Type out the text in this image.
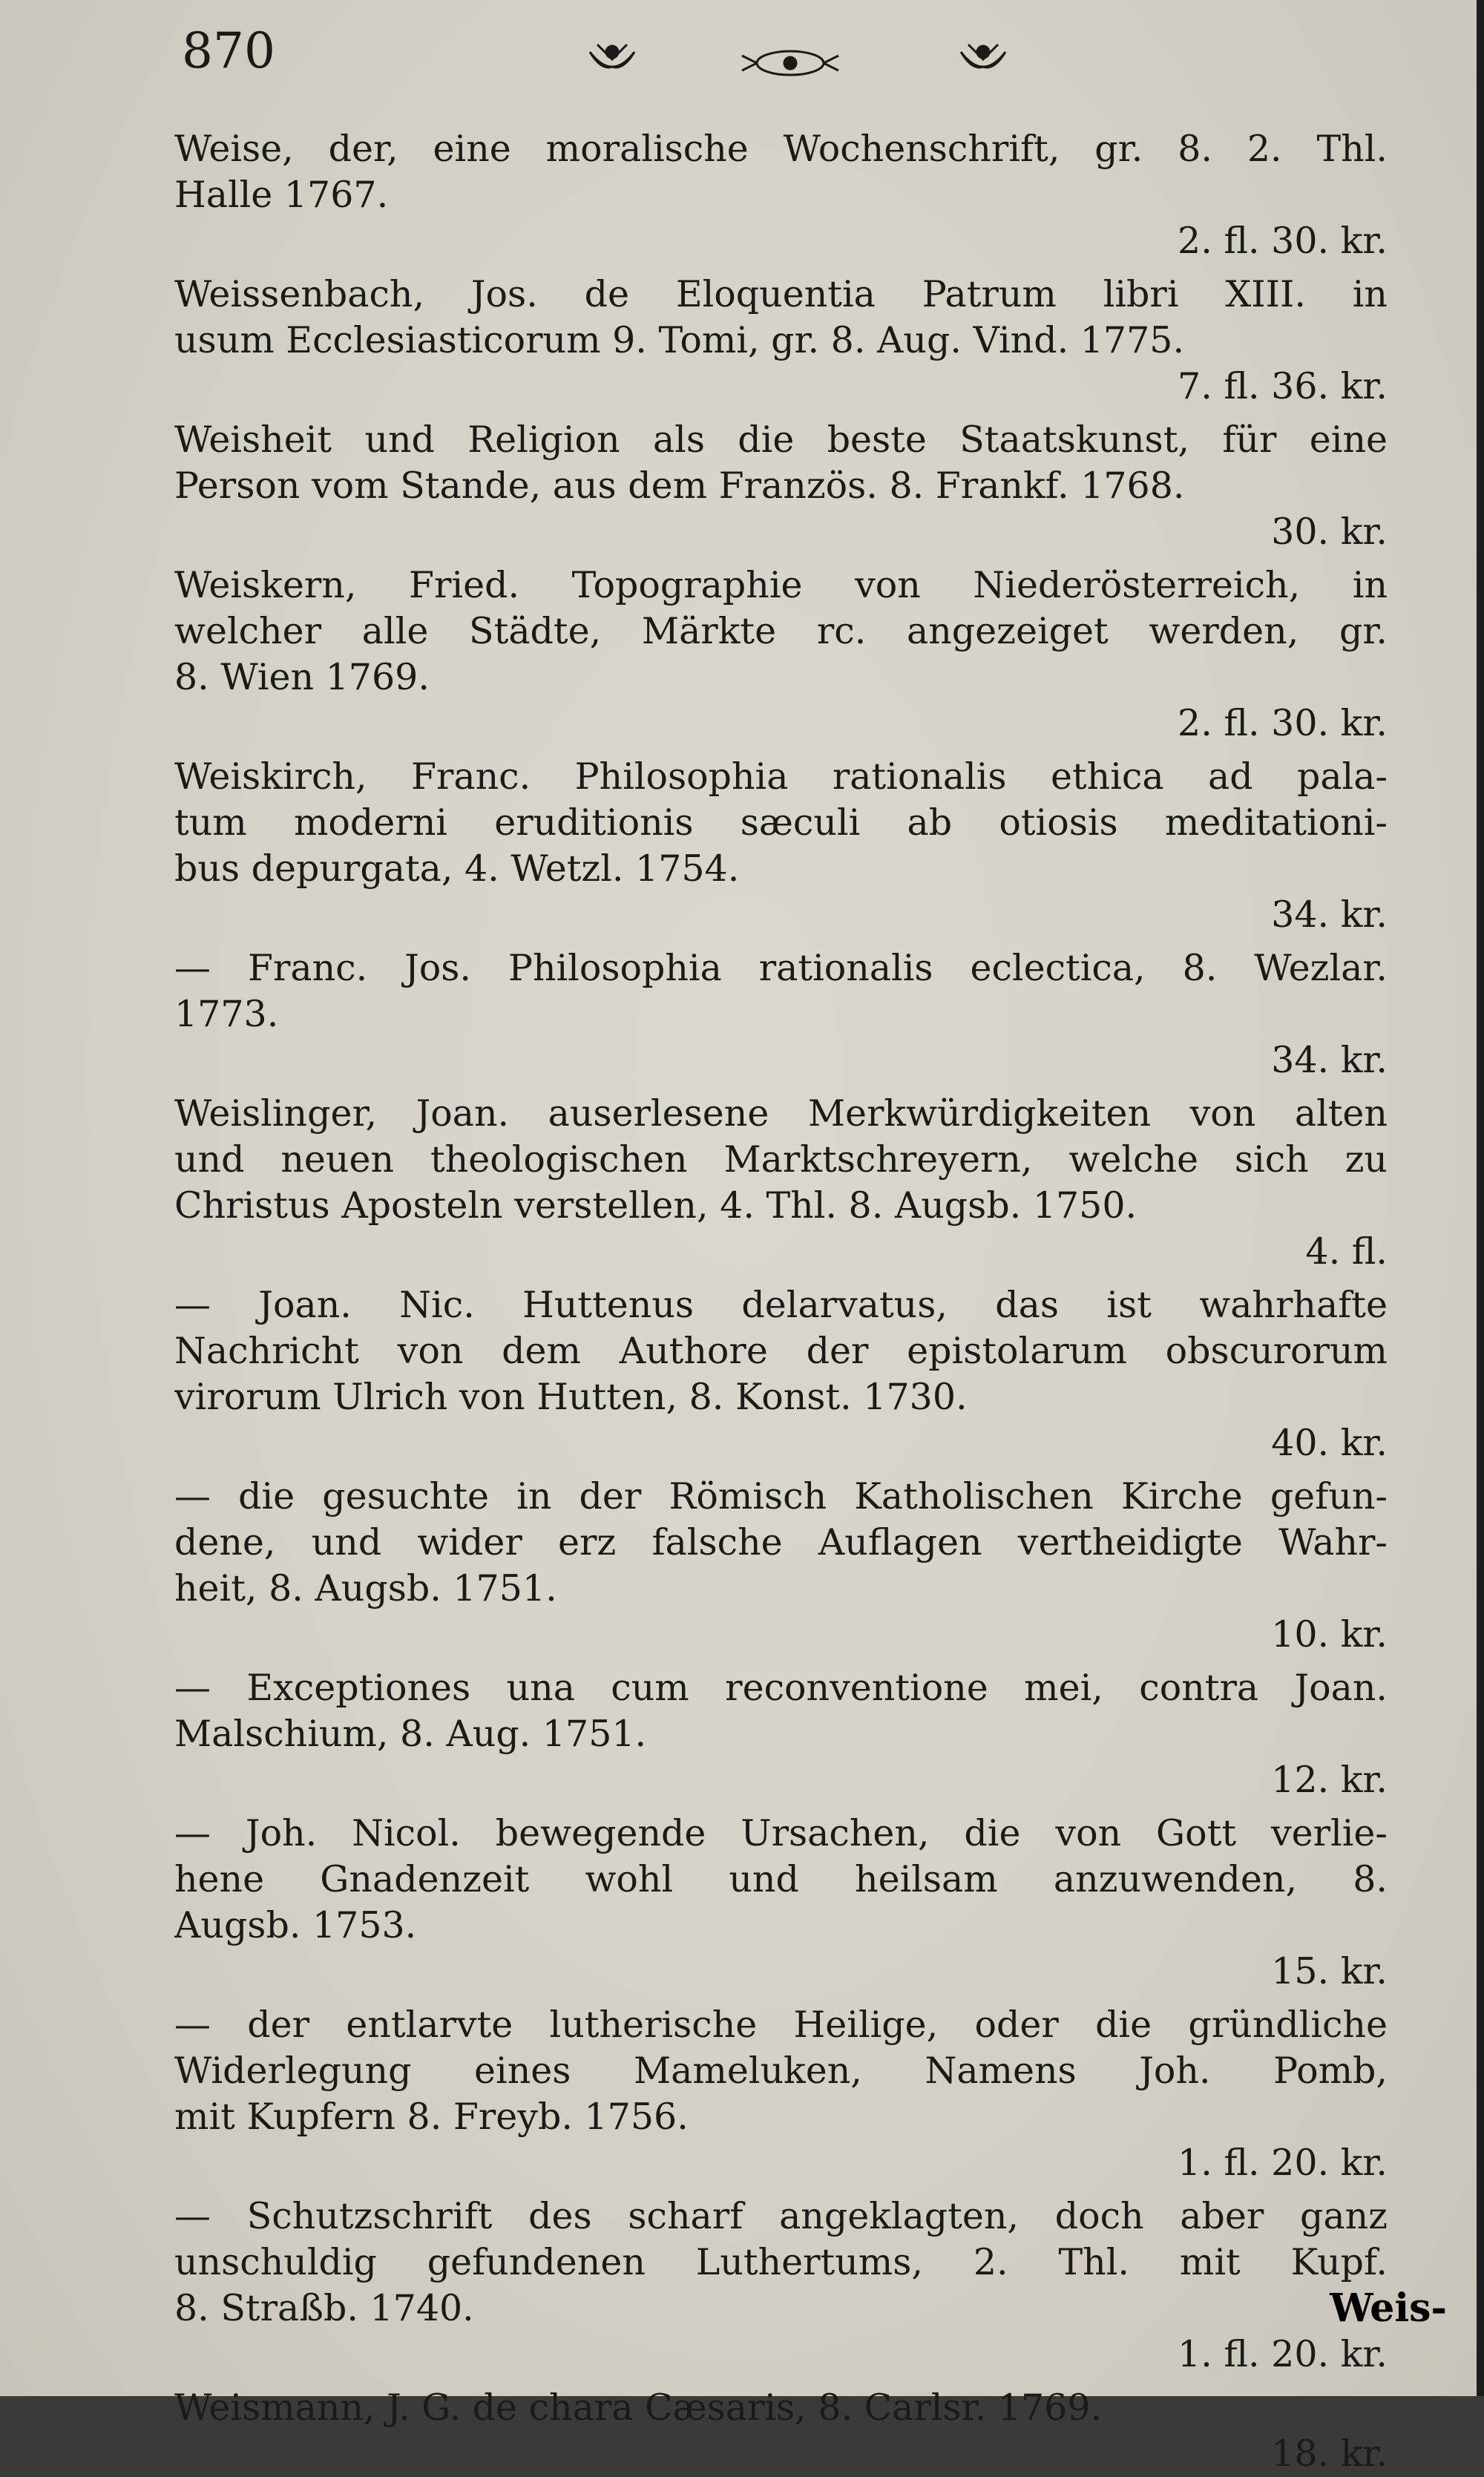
870
Weise, der, eine moralische Wochenschrift, gr. 8. 2. Thl.
Halle 1767.
2. fl. 30. kr.
Weissenbach, Jos. de Eloquentia Patrum libri XIII. in
usum Ecclesiasticorum 9. Tomi, gr. 8. Aug. Vind. 1775.
7. fl. 36. kr.
Weisheit und Religion als die beste Staatskunst, für eine
Person vom Stande, aus dem Französ. 8. Frankf. 1768.
30. kr.
Weiskern, Fried. Topographie von Niederösterreich, in
welcher alle Städte, Märkte rc. angezeiget werden, gr.
8. Wien 1769.
2. fl. 30. kr.
Weiskirch, Franc. Philosophia rationalis ethica ad pala-
tum moderni eruditionis sæculi ab otiosis meditationi-
bus depurgata, 4. Wetzl. 1754.
34. kr.
— Franc. Jos. Philosophia rationalis eclectica, 8. Wezlar.
1773.
34. kr.
Weislinger, Joan. auserlesene Merkwürdigkeiten von alten
und neuen theologischen Marktschreyern, welche sich zu
Christus Aposteln verstellen, 4. Thl. 8. Augsb. 1750.
4. fl.
— Joan. Nic. Huttenus delarvatus, das ist wahrhafte
Nachricht von dem Authore der epistolarum obscurorum
virorum Ulrich von Hutten, 8. Konst. 1730.
40. kr.
— die gesuchte in der Römisch Katholischen Kirche gefun-
dene, und wider erz falsche Auflagen vertheidigte Wahr-
heit, 8. Augsb. 1751.
10. kr.
— Exceptiones una cum reconventione mei, contra Joan.
Malschium, 8. Aug. 1751.
12. kr.
— Joh. Nicol. bewegende Ursachen, die von Gott verlie-
hene Gnadenzeit wohl und heilsam anzuwenden, 8.
Augsb. 1753.
15. kr.
— der entlarvte lutherische Heilige, oder die gründliche
Widerlegung eines Mameluken, Namens Joh. Pomb,
mit Kupfern 8. Freyb. 1756.
1. fl. 20. kr.
— Schutzschrift des scharf angeklagten, doch aber ganz
unschuldig gefundenen Luthertums, 2. Thl. mit Kupf.
8. Straßb. 1740.
1. fl. 20. kr.
Weismann, J. G. de chara Cæsaris, 8. Carlsr. 1769.
18. kr.
Weis-
